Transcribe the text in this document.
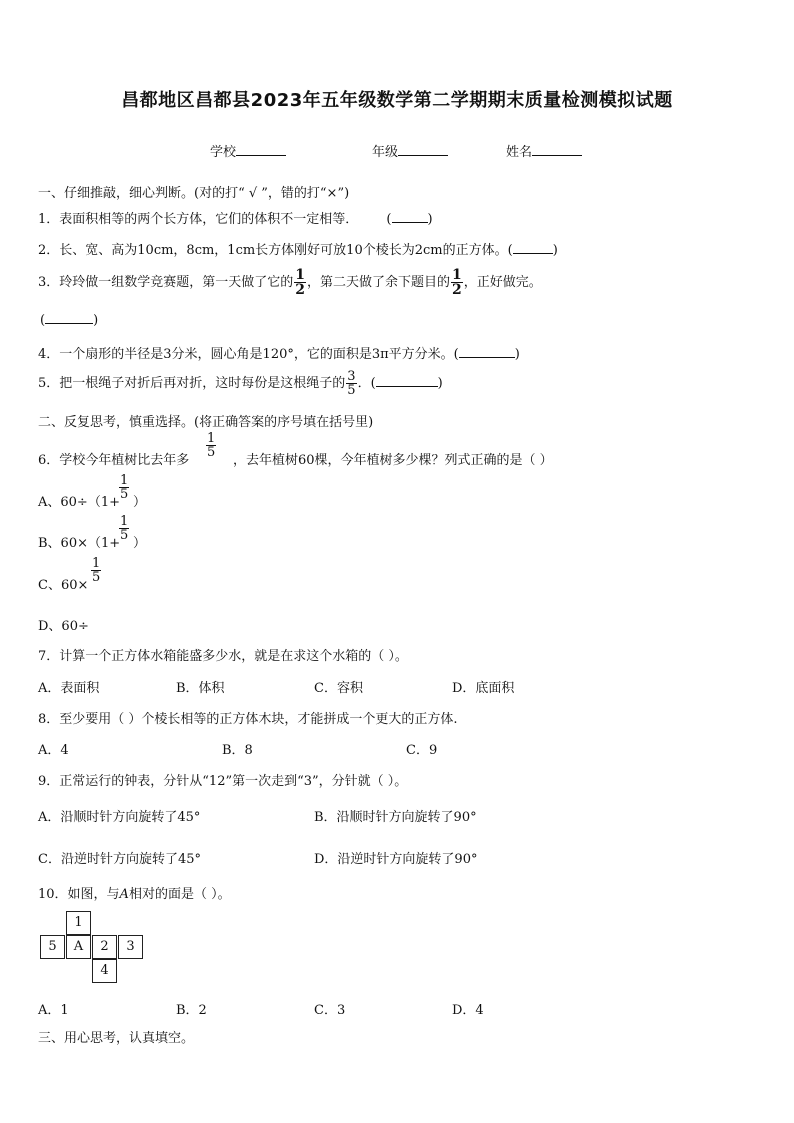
昌都地区昌都县2023年五年级数学第二学期期末质量检测模拟试题
学校	年级	姓名
一、仔细推敲，细心判断。(对的打“ √ ”，错的打“×”)
1．表面积相等的两个长方体，它们的体积不一定相等． (	)
2．长、宽、高为10cm，8cm，1cm长方体刚好可放10个棱长为2cm的正方体。(	)
3．玲玲做一组数学竞赛题，第一天做了它的 $\frac{1}{2}$ ，第二天做了余下题目的 $\frac{1}{2}$ ，正好做完。
(	)
4．一个扇形的半径是3分米，圆心角是120°，它的面积是3π平方分米。(	)
5．把一根绳子对折后再对折，这时每份是这根绳子的 $\frac{3}{5}$ ．(	)
二、反复思考，慎重选择。(将正确答案的序号填在括号里)
6．学校今年植树比去年多
$\frac{1}{5}$
，去年植树60棵，今年植树多少棵？列式正确的是（ ）
A、60÷（1+
$\frac{1}{5}$
）
B、60×（1+
$\frac{1}{5}$
）
C、60×
$\frac{1}{5}$
D、60÷
7．计算一个正方体水箱能盛多少水，就是在求这个水箱的（ ）。
A．表面积	B．体积	C．容积	D．底面积
8．至少要用（ ）个棱长相等的正方体木块，才能拼成一个更大的正方体.
A．4	B．8	C．9
9．正常运行的钟表，分针从“12”第一次走到“3”，分针就（ ）。
A．沿顺时针方向旋转了45°	B．沿顺时针方向旋转了90°
C．沿逆时针方向旋转了45°	D．沿逆时针方向旋转了90°
10．如图，与A相对的面是（ ）。
1
5	A	2	3
4
A．1	B．2	C．3	D．4
三、用心思考，认真填空。
